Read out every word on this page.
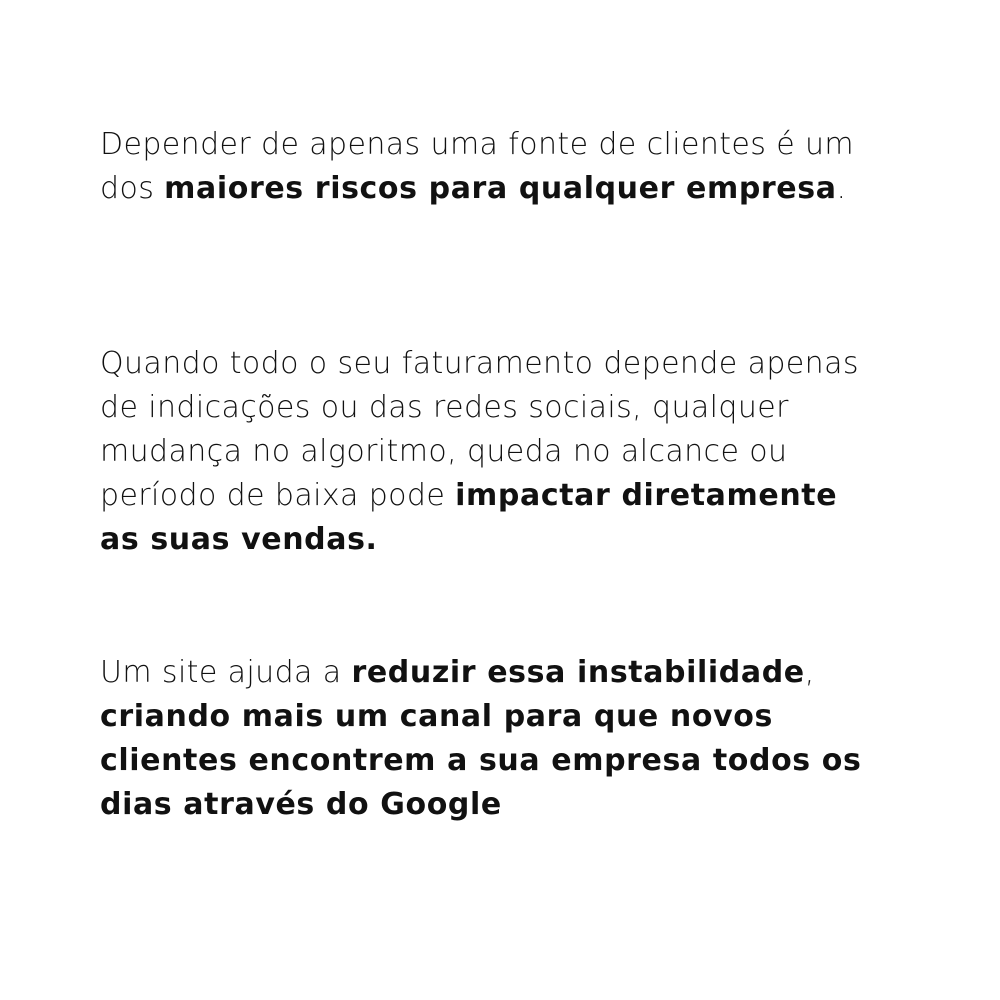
Depender de apenas uma fonte de clientes é um dos maiores riscos para qualquer empresa.

Quando todo o seu faturamento depende apenas de indicações ou das redes sociais, qualquer mudança no algoritmo, queda no alcance ou período de baixa pode impactar diretamente as suas vendas.

Um site ajuda a reduzir essa instabilidade, criando mais um canal para que novos clientes encontrem a sua empresa todos os dias através do Google
